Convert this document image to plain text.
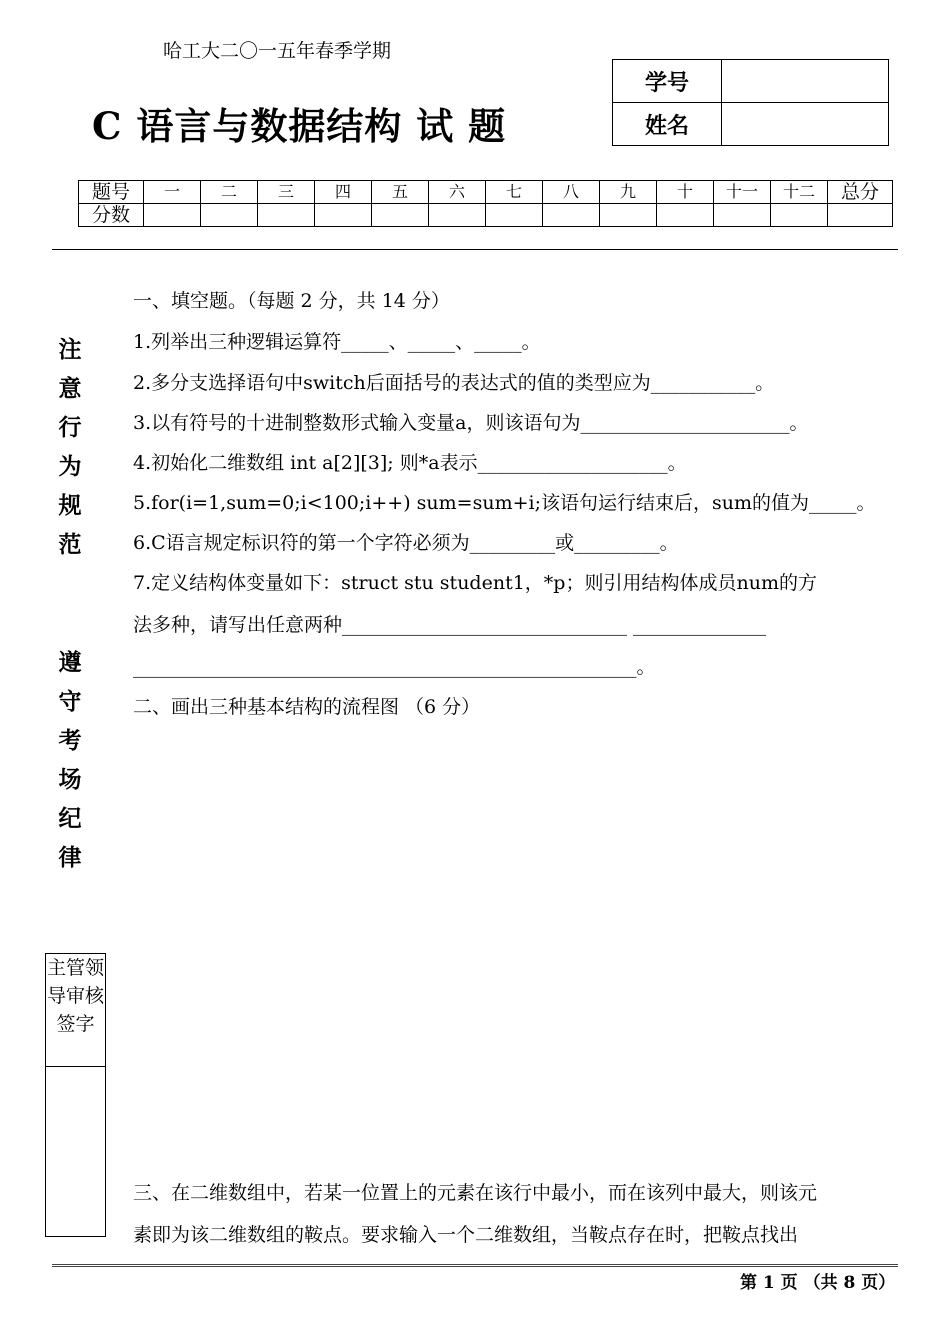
哈工大二〇一五年春季学期
C 语言与数据结构 试 题
学号	
姓名	
题号	一	二	三	四	五	六	七	八	九	十	十一	十二	总分
分数													
注
意
行
为
规
范
遵
守
考
场
纪
律
主管领导审核签字
一、填空题。（每题 2 分，共 14 分）
1.列举出三种逻辑运算符_____、_____、_____。
2.多分支选择语句中switch后面括号的表达式的值的类型应为___________。
3.以有符号的十进制整数形式输入变量a，则该语句为______________________。
4.初始化二维数组 int a[2][3]; 则*a表示____________________。
5.for(i=1,sum=0;i<100;i++) sum=sum+i;该语句运行结束后，sum的值为_____。
6.C语言规定标识符的第一个字符必须为_________或_________。
7.定义结构体变量如下：struct stu student1，*p；则引用结构体成员num的方
法多种，请写出任意两种______________________________ ______________
_____________________________________________________。
二、画出三种基本结构的流程图 （6 分）
三、在二维数组中，若某一位置上的元素在该行中最小，而在该列中最大，则该元
素即为该二维数组的鞍点。要求输入一个二维数组，当鞍点存在时，把鞍点找出
第 1 页 （共 8 页）
